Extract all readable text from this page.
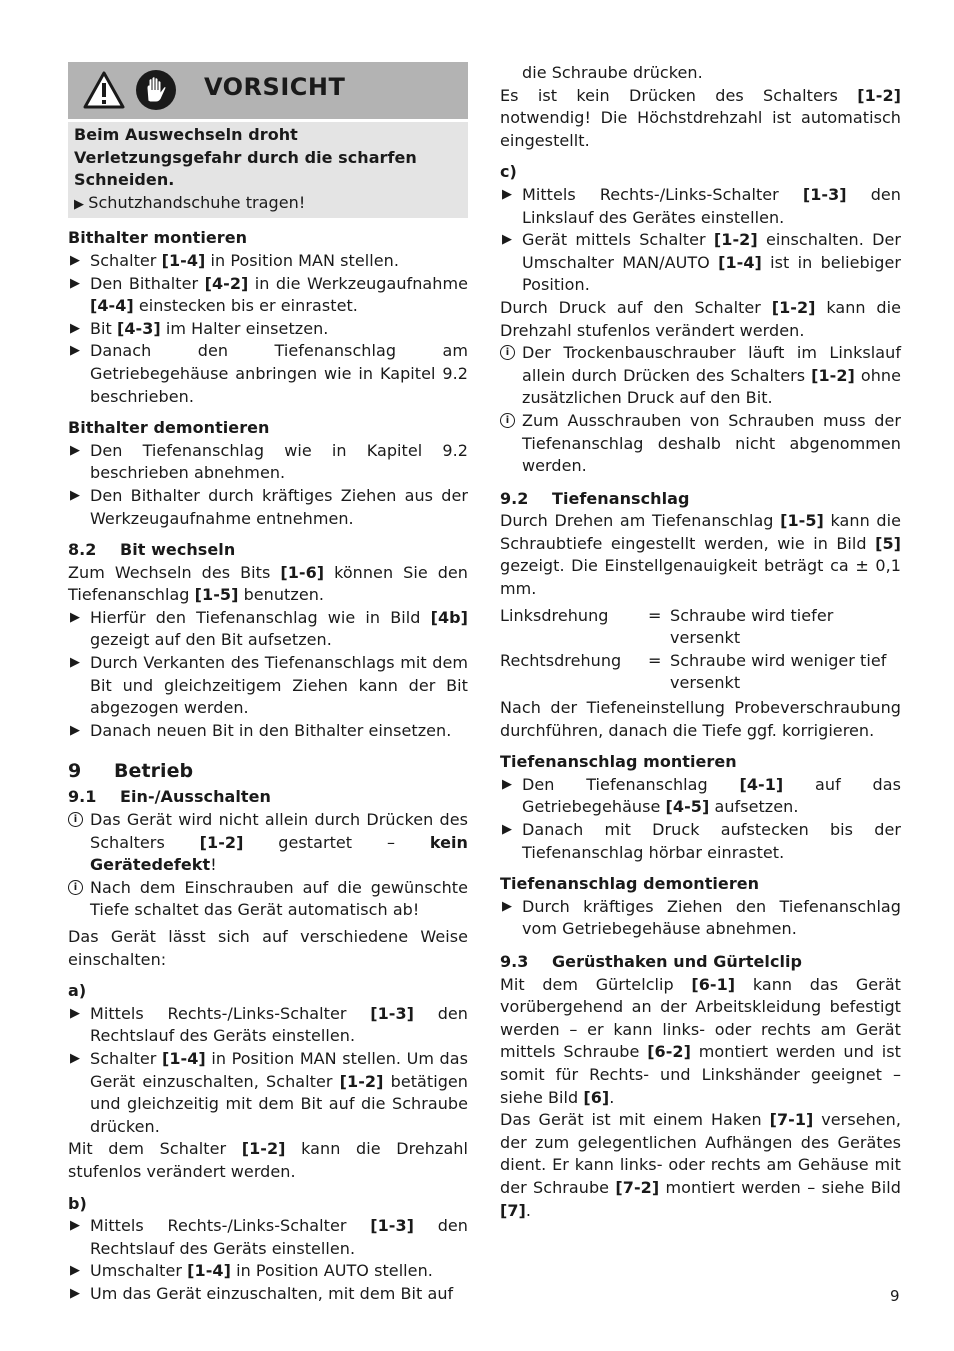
VORSICHT

Beim Auswechseln droht Verletzungsgefahr durch die scharfen Schneiden.

▶ Schutzhandschuhe tragen!
Bithalter montieren
▶ Schalter [1-4] in Position MAN stellen.
▶ Den Bithalter [4-2] in die Werkzeugaufnahme [4-4] einstecken bis er einrastet.
▶ Bit [4-3] im Halter einsetzen.
▶ Danach den Tiefenanschlag am Getriebegehäuse anbringen wie in Kapitel 9.2 beschrieben.
Bithalter demontieren
▶ Den Tiefenanschlag wie in Kapitel 9.2 beschrieben abnehmen.
▶ Den Bithalter durch kräftiges Ziehen aus der Werkzeugaufnahme entnehmen.
8.2 Bit wechseln

Zum Wechseln des Bits [1-6] können Sie den Tiefenanschlag [1-5] benutzen.

▶ Hierfür den Tiefenanschlag wie in Bild [4b] gezeigt auf den Bit aufsetzen.
▶ Durch Verkanten des Tiefenanschlags mit dem Bit und gleichzeitigem Ziehen kann der Bit abgezogen werden.
▶ Danach neuen Bit in den Bithalter einsetzen.
9 Betrieb
9.1 Ein-/Ausschalten
i Das Gerät wird nicht allein durch Drücken des Schalters [1-2] gestartet – kein Gerätedefekt!
i Nach dem Einschrauben auf die gewünschte Tiefe schaltet das Gerät automatisch ab!

Das Gerät lässt sich auf verschiedene Weise einschalten:

a)
▶ Mittels Rechts-/Links-Schalter [1-3] den Rechtslauf des Geräts einstellen.
▶ Schalter [1-4] in Position MAN stellen. Um das Gerät einzuschalten, Schalter [1-2] betätigen und gleichzeitig mit dem Bit auf die Schraube drücken.

Mit dem Schalter [1-2] kann die Drehzahl stufenlos verändert werden.

b)
▶ Mittels Rechts-/Links-Schalter [1-3] den Rechtslauf des Geräts einstellen.
▶ Umschalter [1-4] in Position AUTO stellen.
▶ Um das Gerät einzuschalten, mit dem Bit auf
die Schraube drücken.

Es ist kein Drücken des Schalters [1-2] notwendig! Die Höchstdrehzahl ist automatisch eingestellt.

c)
▶ Mittels Rechts-/Links-Schalter [1-3] den Linkslauf des Gerätes einstellen.
▶ Gerät mittels Schalter [1-2] einschalten. Der Umschalter MAN/AUTO [1-4] ist in beliebiger Position.

Durch Druck auf den Schalter [1-2] kann die Drehzahl stufenlos verändert werden.

i Der Trockenbauschrauber läuft im Linkslauf allein durch Drücken des Schalters [1-2] ohne zusätzlichen Druck auf den Bit.
i Zum Ausschrauben von Schrauben muss der Tiefenanschlag deshalb nicht abgenommen werden.
9.2 Tiefenanschlag

Durch Drehen am Tiefenanschlag [1-5] kann die Schraubtiefe eingestellt werden, wie in Bild [5] gezeigt. Die Einstellgenauigkeit beträgt ca ± 0,1 mm.

Linksdrehung	= Schraube wird tiefer versenkt
Rechtsdrehung	= Schraube wird weniger tief versenkt

Nach der Tiefeneinstellung Probeverschraubung durchführen, danach die Tiefe ggf. korrigieren.

Tiefenanschlag montieren
▶ Den Tiefenanschlag [4-1] auf das Getriebegehäuse [4-5] aufsetzen.
▶ Danach mit Druck aufstecken bis der Tiefenanschlag hörbar einrastet.
Tiefenanschlag demontieren
▶ Durch kräftiges Ziehen den Tiefenanschlag vom Getriebegehäuse abnehmen.
9.3 Gerüsthaken und Gürtelclip

Mit dem Gürtelclip [6-1] kann das Gerät vorübergehend an der Arbeitskleidung befestigt werden – er kann links- oder rechts am Gerät mittels Schraube [6-2] montiert werden und ist somit für Rechts- und Linkshänder geeignet – siehe Bild [6].

Das Gerät ist mit einem Haken [7-1] versehen, der zum gelegentlichen Aufhängen des Gerätes dient. Er kann links- oder rechts am Gehäuse mit der Schraube [7-2] montiert werden – siehe Bild [7].

9
